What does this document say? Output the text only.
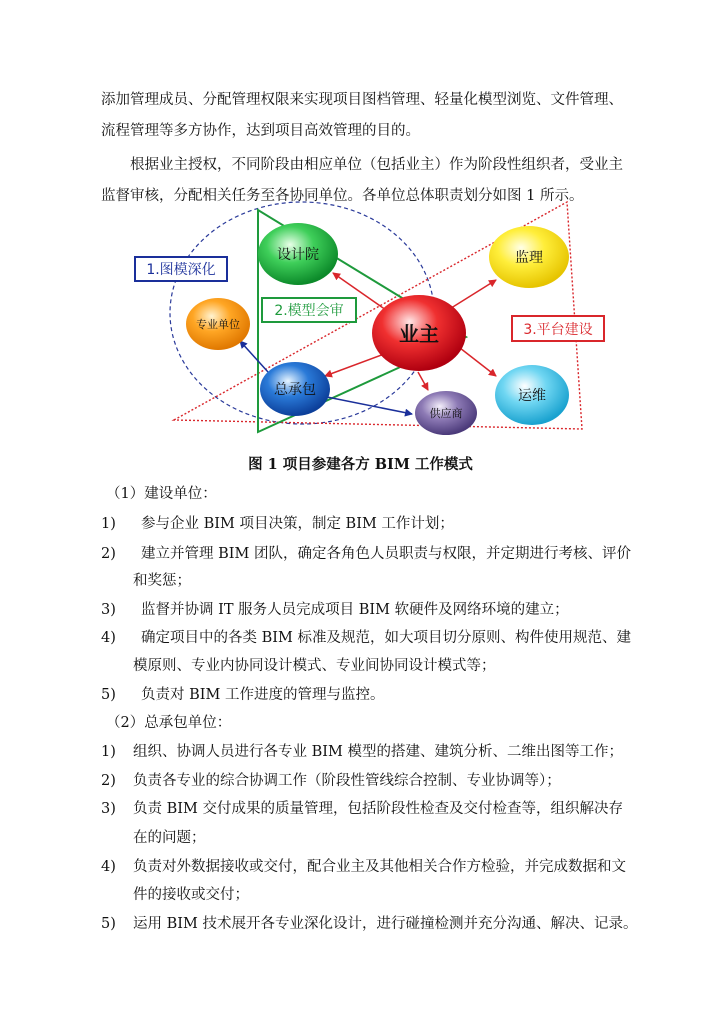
添加管理成员、分配管理权限来实现项目图档管理、轻量化模型浏览、文件管理、
流程管理等多方协作，达到项目高效管理的目的。
根据业主授权，不同阶段由相应单位（包括业主）作为阶段性组织者，受业主
监督审核，分配相关任务至各协同单位。各单位总体职责划分如图 1 所示。
设计院	监理
专业单位	业主
总承包	运维
供应商
1.图模深化
2.模型会审
3.平台建设
图 1 项目参建各方 BIM 工作模式
（1）建设单位：
1) 参与企业 BIM 项目决策，制定 BIM 工作计划；
2) 建立并管理 BIM 团队，确定各角色人员职责与权限，并定期进行考核、评价
和奖惩；
3) 监督并协调 IT 服务人员完成项目 BIM 软硬件及网络环境的建立；
4) 确定项目中的各类 BIM 标准及规范，如大项目切分原则、构件使用规范、建
模原则、专业内协同设计模式、专业间协同设计模式等；
5) 负责对 BIM 工作进度的管理与监控。
（2）总承包单位：
1) 组织、协调人员进行各专业 BIM 模型的搭建、建筑分析、二维出图等工作；
2) 负责各专业的综合协调工作（阶段性管线综合控制、专业协调等）；
3) 负责 BIM 交付成果的质量管理，包括阶段性检查及交付检查等，组织解决存
在的问题；
4) 负责对外数据接收或交付，配合业主及其他相关合作方检验，并完成数据和文
件的接收或交付；
5) 运用 BIM 技术展开各专业深化设计，进行碰撞检测并充分沟通、解决、记录。
